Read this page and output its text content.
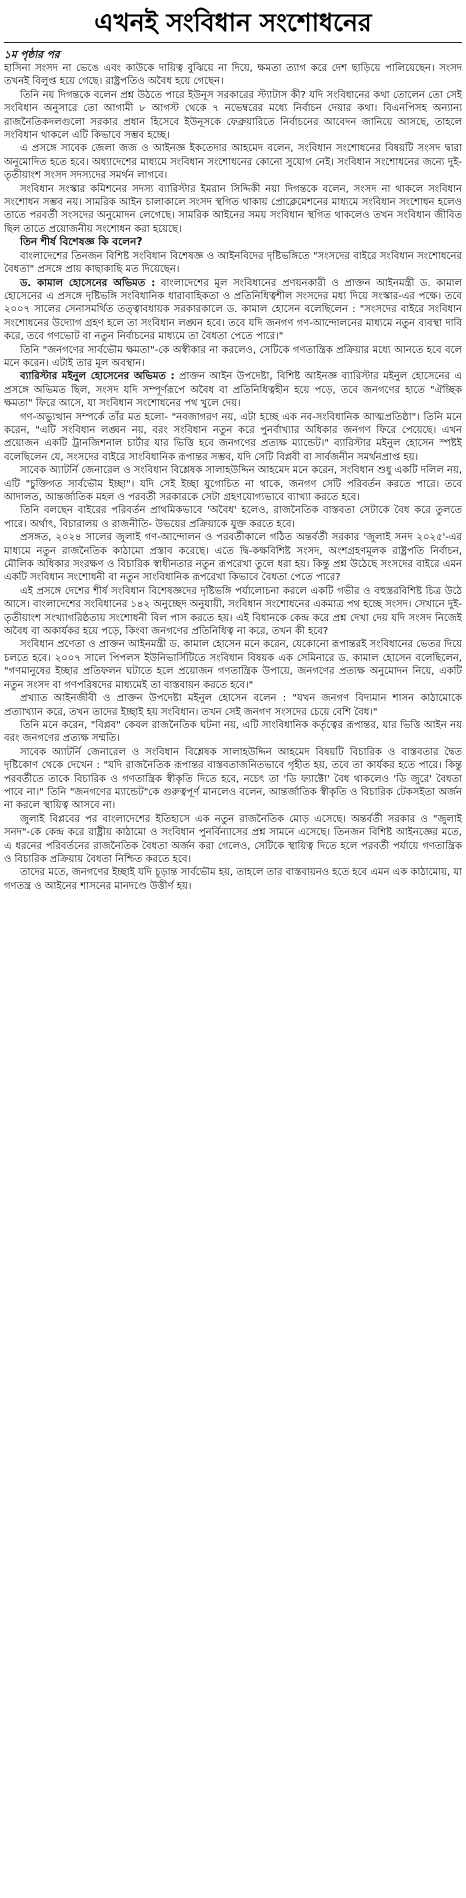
এখনই সংবিধান সংশোধনের
১ম পৃষ্ঠার পর

হাসিনা সংসদ না ভেঙে এবং কাউকে দায়িত্ব বুঝিয়ে না দিয়ে, ক্ষমতা ত্যাগ করে দেশ ছাড়িয়ে পালিয়েছেন। সংসদ তখনই বিলুপ্ত হয়ে গেছে। রাষ্ট্রপতিও অবৈধ হয়ে গেছেন।

তিনি নয় দিগন্তকে বলেন প্রশ্ন উঠতে পারে ইউনূস সরকারের স্ট্যাটাস কী? যদি সংবিধানের কথা তোলেন তো সেই সংবিধান অনুসারে তো আগামী ৮ আগস্ট থেকে ৭ নভেম্বরের মধ্যে নির্বাচন দেয়ার কথা। বিএনপিসহ অন্যান্য রাজনৈতিকদলগুলো সরকার প্রধান হিসেবে ইউনূসকে ফেব্রুয়ারিতে নির্বাচনের আবেদন জানিয়ে আসছে, তাহলে সংবিধান থাকলে এটি কিভাবে সম্ভব হচ্ছে।

এ প্রসঙ্গে সাবেক জেলা জজ ও আইনজ্ঞ ইকতেদার আহমেদ বলেন, সংবিধান সংশোধনের বিষয়টি সংসদ দ্বারা অনুমোদিত হতে হবে। অধ্যাদেশের মাধ্যমে সংবিধান সংশোধনের কোনো সুযোগ নেই। সংবিধান সংশোধনের জন্যে দুই-তৃতীয়াংশ সংসদ সদস্যদের সমর্থন লাগবে।

সংবিধান সংস্কার কমিশনের সদস্য ব্যারিস্টার ইমরান সিদ্দিকী নয়া দিগন্তকে বলেন, সংসদ না থাকলে সংবিধান সংশোধন সম্ভব নয়। সামরিক আইন চালাকালে সংসদ স্থগিত থাকায় প্রোক্লেমেশনের মাধ্যমে সংবিধান সংশোধন হলেও তাতে পরবর্তী সংসদের অনুমোদন লেগেছে। সামরিক আইনের সময় সংবিধান স্থগিত থাকলেও তখন সংবিধান জীবিত ছিল তাতে প্রয়োজনীয় সংশোধন করা হয়েছে।

তিন শীর্ষ বিশেষজ্ঞ কি বলেন?

বাংলাদেশের তিনজন বিশিষ্ট সংবিধান বিশেষজ্ঞ ও আইনবিদের দৃষ্টিভঙ্গিতে "সংসদের বাইরে সংবিধান সংশোধনের বৈধতা" প্রসঙ্গে প্রায় কাছাকাছি মত দিয়েছেন।

ড. কামাল হোসেনের অভিমত : বাংলাদেশের মূল সংবিধানের প্রণয়নকারী ও প্রাক্তন আইনমন্ত্রী ড. কামাল হোসেনের এ প্রসঙ্গে দৃষ্টিভঙ্গি সংবিধানিক ধারাবাহিকতা ও প্রতিনিধিত্বশীল সংসদের মধ্য দিয়ে সংস্কার-এর পক্ষে। তবে ২০০৭ সালের সেনাসমর্থিত তত্ত্বাবধায়ক সরকারকালে ড. কামাল হোসেন বলেছিলেন : "সংসদের বাইরে সংবিধান সংশোধনের উদ্যোগ গ্রহণ হলে তা সংবিধান লঙ্ঘন হবে। তবে যদি জনগণ গণ-আন্দোলনের মাধ্যমে নতুন ব্যবস্থা দাবি করে, তবে গণভোট বা নতুন নির্বাচনের মাধ্যমে তা বৈধতা পেতে পারে।"

তিনি "জনগণের সার্বভৌম ক্ষমতা"-কে অস্বীকার না করলেও, সেটিকে গণতান্ত্রিক প্রক্রিয়ার মধ্যে আনতে হবে বলে মনে করেন। এটাই তার মূল অবস্থান।

ব্যারিস্টার মইনুল হোসেনের অভিমত : প্রাক্তন আইন উপদেষ্টা, বিশিষ্ট আইনজ্ঞ ব্যারিস্টার মইনুল হোসেনের এ প্রসঙ্গে অভিমত ছিল, সংসদ যদি সম্পূর্ণরূপে অবৈধ বা প্রতিনিধিত্বহীন হয়ে পড়ে, তবে জনগণের হাতে "ঐচ্ছিক ক্ষমতা" ফিরে আসে, যা সংবিধান সংশোধনের পথ খুলে দেয়।

গণ-অভ্যুত্থান সম্পর্কে তাঁর মত হলো- "নবজাগরণ নয়, এটা হচ্ছে এক নব-সংবিধানিক আত্মপ্রতিষ্ঠা"। তিনি মনে করেন, "এটি সংবিধান লঙ্ঘন নয়, বরং সংবিধান নতুন করে পুনর্বাখ্যার অধিকার জনগণ ফিরে পেয়েছে। এখন প্রয়োজন একটি ট্রানজিশনাল চার্টার যার ভিত্তি হবে জনগণের প্রত্যক্ষ ম্যান্ডেট।" ব্যারিস্টার মইনুল হোসেন স্পষ্টই বলেছিলেন যে, সংসদের বাইরে সাংবিধানিক রূপান্তর সম্ভব, যদি সেটি বিপ্লবী বা সার্বজনীন সমর্থনপ্রাপ্ত হয়।

সাবেক অ্যাটর্নি জেনারেল ও সংবিধান বিশ্লেষক সালাহউদ্দিন আহমেদ মনে করেন, সংবিধান শুধু একটি দলিল নয়, এটি "চুক্তিগত সার্বভৌম ইচ্ছা"। যদি সেই ইচ্ছা যুগোচিত না থাকে, জনগণ সেটি পরিবর্তন করতে পারে। তবে আদালত, আন্তর্জাতিক মহল ও পরবর্তী সরকারকে সেটা গ্রহণযোগ্যভাবে ব্যাখ্যা করতে হবে।

তিনি বলছেন বাইরের পরিবর্তন প্রাথমিকভাবে 'অবৈধ' হলেও, রাজনৈতিক বাস্তবতা সেটাকে বৈধ করে তুলতে পারে। অর্থাৎ, বিচারালয় ও রাজনীতি- উভয়ের প্রক্রিয়াকে যুক্ত করতে হবে।

প্রসঙ্গত, ২০২৪ সালের জুলাই গণ-আন্দোলন ও পরবর্তীকালে গঠিত অন্তর্বর্তী সরকার 'জুলাই সনদ ২০২৫'-এর মাধ্যমে নতুন রাজনৈতিক কাঠামো প্রস্তাব করেছে। এতে দ্বি-কক্ষবিশিষ্ট সংসদ, অংশগ্রহণমূলক রাষ্ট্রপতি নির্বাচন, মৌলিক অধিকার সংরক্ষণ ও বিচারিক স্বাধীনতার নতুন রূপরেখা তুলে ধরা হয়। কিন্তু প্রশ্ন উঠেছে সংসদের বাইরে এমন একটি সংবিধান সংশোধনী বা নতুন সাংবিধানিক রূপরেখা কিভাবে বৈধতা পেতে পারে?

এই প্রসঙ্গে দেশের শীর্ষ সংবিধান বিশেষজ্ঞদের দৃষ্টিভঙ্গি পর্যালোচনা করলে একটি গভীর ও বহুস্তরবিশিষ্ট চিত্র উঠে আসে। বাংলাদেশের সংবিধানের ১৪২ অনুচ্ছেদ অনুযায়ী, সংবিধান সংশোধনের একমাত্র পথ হচ্ছে সংসদ। সেখানে দুই-তৃতীয়াংশ সংখ্যাগরিষ্ঠতায় সংশোধনী বিল পাস করতে হয়। এই বিধানকে কেন্দ্র করে প্রশ্ন দেখা দেয় যদি সংসদ নিজেই অবৈধ বা অকার্যকর হয়ে পড়ে, কিংবা জনগণের প্রতিনিধিত্ব না করে, তখন কী হবে?

সংবিধান প্রণেতা ও প্রাক্তন আইনমন্ত্রী ড. কামাল হোসেন মনে করেন, যেকোনো রূপান্তরই সংবিধানের ভেতর দিয়ে চলতে হবে। ২০০৭ সালে পিপলস ইউনিভার্সিটিতে সংবিধান বিষয়ক এক সেমিনারে ড. কামাল হোসেন বলেছিলেন, "গণমানুষের ইচ্ছার প্রতিফলন ঘটাতে হলে প্রয়োজন গণতান্ত্রিক উপায়ে, জনগণের প্রত্যক্ষ অনুমোদন নিয়ে, একটি নতুন সংসদ বা গণপরিষদের মাধ্যমেই তা বাস্তবায়ন করতে হবে।"

প্রখ্যাত আইনজীবী ও প্রাক্তন উপদেষ্টা মইনুল হোসেন বলেন : "যখন জনগণ বিদ্যমান শাসন কাঠামোকে প্রত্যাখ্যান করে, তখন তাদের ইচ্ছাই হয় সংবিধান। তখন সেই জনগণ সংসদের চেয়ে বেশি বৈধ।"

তিনি মনে করেন, "বিপ্লব" কেবল রাজনৈতিক ঘটনা নয়, এটি সাংবিধানিক কর্তৃত্বের রূপান্তর, যার ভিত্তি আইন নয় বরং জনগণের প্রত্যক্ষ সম্মতি।

সাবেক অ্যাটর্নি জেনারেল ও সংবিধান বিশ্লেষক সালাহউদ্দিন আহমেদ বিষয়টি বিচারিক ও বাস্তবতার দ্বৈত দৃষ্টিকোণ থেকে দেখেন : "যদি রাজনৈতিক রূপান্তর বাস্তবতাজনিতভাবে গৃহীত হয়, তবে তা কার্যকর হতে পারে। কিন্তু পরবর্তীতে তাকে বিচারিক ও গণতান্ত্রিক স্বীকৃতি দিতে হবে, নচেৎ তা 'ডি ফ্যাক্টো' বৈধ থাকলেও 'ডি জুরে' বৈধতা পাবে না।" তিনি "জনগণের ম্যান্ডেট"কে গুরুত্বপূর্ণ মানলেও বলেন, আন্তর্জাতিক স্বীকৃতি ও বিচারিক টেকসইতা অর্জন না করলে স্থায়িত্ব আসবে না।

জুলাই বিপ্লবের পর বাংলাদেশের ইতিহাসে এক নতুন রাজনৈতিক মোড় এসেছে। অন্তর্বর্তী সরকার ও "জুলাই সনদ"-কে কেন্দ্র করে রাষ্ট্রীয় কাঠামো ও সংবিধান পুনর্বিন্যাসের প্রশ্ন সামনে এসেছে। তিনজন বিশিষ্ট আইনজ্ঞের মতে, এ ধরনের পরিবর্তনের রাজনৈতিক বৈধতা অর্জন করা গেলেও, সেটিকে স্থায়িত্ব দিতে হলে পরবর্তী পর্যায়ে গণতান্ত্রিক ও বিচারিক প্রক্রিয়ায় বৈধতা নিশ্চিত করতে হবে।

তাদের মতে, জনগণের ইচ্ছাই যদি চূড়ান্ত সার্বভৌম হয়, তাহলে তার বাস্তবায়নও হতে হবে এমন এক কাঠামোয়, যা গণতন্ত্র ও আইনের শাসনের মানদণ্ডে উত্তীর্ণ হয়।
